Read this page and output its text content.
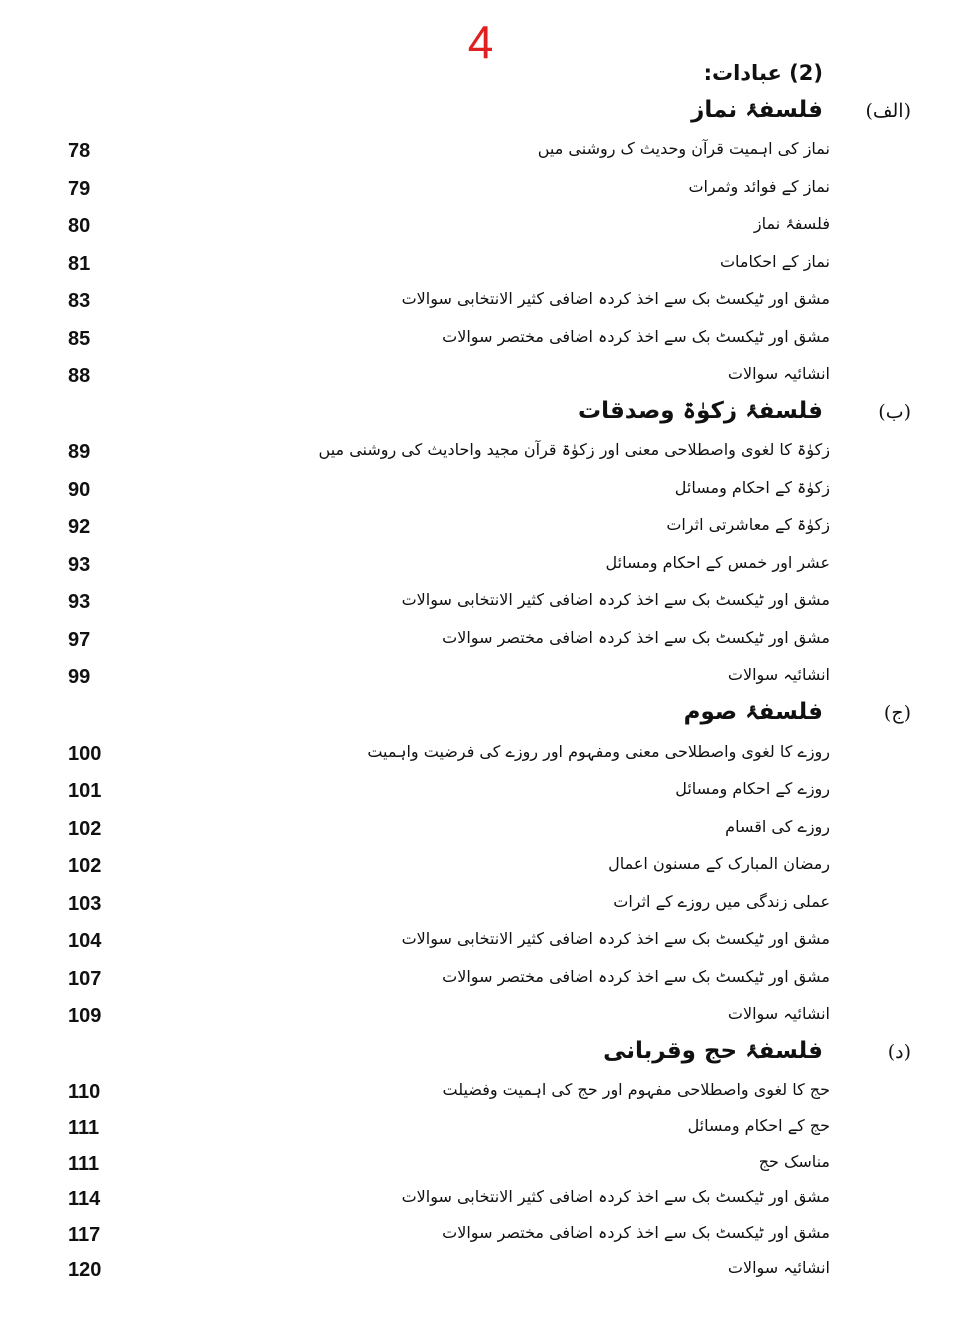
4
(2) عبادات:
(الف)
فلسفۂ نماز
نماز کی اہمیت قرآن وحدیث ک روشنی میں
78
نماز کے فوائد وثمرات
79
فلسفۂ نماز
80
نماز کے احکامات
81
مشق اور ٹیکسٹ بک سے اخذ کردہ اضافی کثیر الانتخابی سوالات
83
مشق اور ٹیکسٹ بک سے اخذ کردہ اضافی مختصر سوالات
85
انشائیہ سوالات
88
(ب)
فلسفۂ زکوٰۃ وصدقات
زکوٰۃ کا لغوی واصطلاحی معنی اور زکوٰۃ قرآن مجید واحادیث کی روشنی میں
89
زکوٰۃ کے احکام ومسائل
90
زکوٰۃ کے معاشرتی اثرات
92
عشر اور خمس کے احکام ومسائل
93
مشق اور ٹیکسٹ بک سے اخذ کردہ اضافی کثیر الانتخابی سوالات
93
مشق اور ٹیکسٹ بک سے اخذ کردہ اضافی مختصر سوالات
97
انشائیہ سوالات
99
(ج)
فلسفۂ صوم
روزے کا لغوی واصطلاحی معنی ومفہوم اور روزے کی فرضیت واہمیت
100
روزے کے احکام ومسائل
101
روزے کی اقسام
102
رمضان المبارک کے مسنون اعمال
102
عملی زندگی میں روزے کے اثرات
103
مشق اور ٹیکسٹ بک سے اخذ کردہ اضافی کثیر الانتخابی سوالات
104
مشق اور ٹیکسٹ بک سے اخذ کردہ اضافی مختصر سوالات
107
انشائیہ سوالات
109
(د)
فلسفۂ حج وقربانی
حج کا لغوی واصطلاحی مفہوم اور حج کی اہمیت وفضیلت
110
حج کے احکام ومسائل
111
مناسک حج
111
مشق اور ٹیکسٹ بک سے اخذ کردہ اضافی کثیر الانتخابی سوالات
114
مشق اور ٹیکسٹ بک سے اخذ کردہ اضافی مختصر سوالات
117
انشائیہ سوالات
120
